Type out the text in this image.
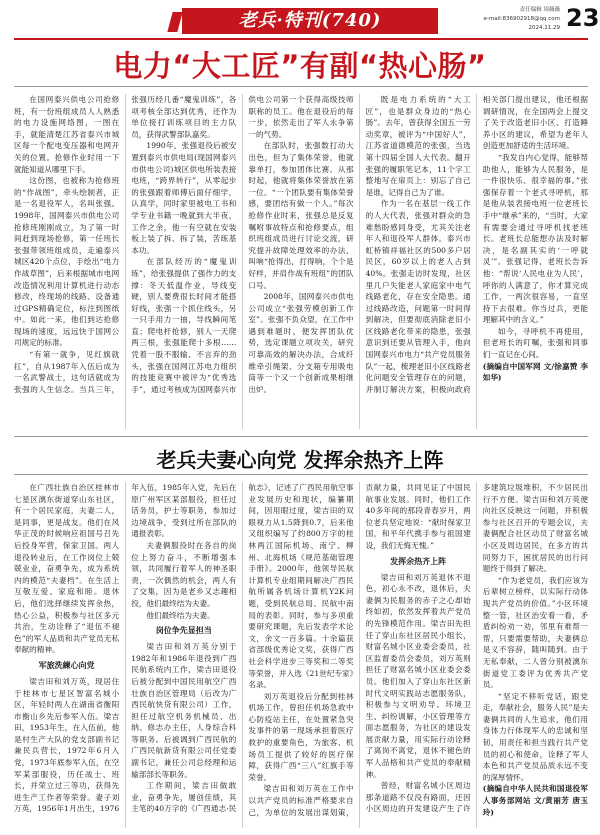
老兵·特刊(740)	责任编辑 周薇薇
e-mail:836902918@qq.com 2024.11.29 23
电力“大工匠”有副“热心肠”

在国网泰兴供电公司抢修班，有一份班组成员人人熟悉的电力设施网络图，一图在手，就能清楚江苏省泰兴市城区每一个配电变压器和电网开关的位置。抢修作业时用一下就能知道从哪里下手。

这份图，也被称为抢修班的“作战图”，牵头绘制者，正是一名退役军人，名叫张强。1998年，国网泰兴市供电公司抢修班刚刚成立，为了第一时间赶到现场抢修，第一任班长张强带领班组成员，走遍泰兴城区420个点位，手绘出“电力作战草图”，后来根据城市电网改造情况利用计算机进行动态修改，终现场的线路、设备通过GPS精确定位，标注到图纸中。如此一来，他们到达抢修现场的速度，远远快于国网公司规定的标准。

“有第一就争，见红旗就扛”，自从1987年入伍后成为一名武警战士，这句话就成为张强的人生信念。当兵三年，张强历经几番“魔鬼训练”，各项考核全部达到优秀，还作为单位接打训练项目的主力队员，获得武警部队嘉奖。

1990年，张强退役后被安置到泰兴市供电局(现国网泰兴市供电公司)城区供电所装表接电班，“跨界转行”，从零起步的张强跟着师傅后面仔细学，认真学，同时家里被电工书和学专业书籍一晚就到大半夜，工作之余，他一有空就在安装板上装了拆、拆了装，苦练基本功。

在部队经历的“魔鬼训练”，给张强提供了强作力的支撑：冬天低温作业，导线变硬，别人要费很长时间才能搭好线，张强一个抓住线头，另一只手用力一抽，导线瞬间笔直；爬电杆抢修，别人一天爬两三根，张强能爬十多根……凭着一股不服输、不言弃的劲头，张强在国网江苏电力组织的技能竞赛中被评为“优秀选手”，通过考核成为国网泰兴市供电公司第一个获得高级技师职称的员工。他在退役后的每一步，依然走出了军人永争第一的气势。

在部队时，张强数打动大出色，但为了集体荣誉，他就靠单打，参加团体比赛。从那时起，他就将集体荣誉放在第一位。“一个团队要有集体荣誉感，要团结有做一个人。”每次抢修作业时来，张强总是反复嘱咐事故特点和抢修要点，组织班组成员进行讨论交流，研究提升故障处理效率的办法，叫响“抢得出，打得响，个个是好样，并肩作战有班组”的团队口号。

2008年，国网泰兴市供电公司成立“张强劳模创新工作室”。张强不负众望，在工作中遇到难题时，便发挥团队优势，选定课题立项攻关，研究可靠高效的解决办法，合成纤维牵引绳架、分支箱专用吸电筒等一个又一个创新成果相继出炉。

既是电力系统的“大工匠”，也是群众身边的“热心肠”。去年，曾获得全国五一劳动奖章，被评为“中国好人”，江苏省道德模范的张强，当选第十四届全国人大代表。翻开张强的履职笔记本，11个字工整地写在扉页上：别忘了自己是谁，记得自己为了谁。

作为一名在基层一线工作的人大代表，张强对群众的急难愁盼感同身受，尤其关注老年人和退役军人群体。泰兴市虹桥镇祥福社区的500多户居民区，60岁以上的老人占到40%。张强走访时发现，社区里几户失能老人家庭家中电气线路老化，存在安全隐患。通过线路改造，问题第一时间得到解决，但要彻底消除老旧小区线路老化带来的隐患，张强意识到还要从管理入手，他向国网泰兴市电力“共产党员服务队”一起，梳理老旧小区线路老化问题安全管理存在的问题，并制订解决方案，积极向政府相关部门提出建议，他还根据调研情况，在全国两会上提交了关于改造老旧小区、打造睡养小区的建议，希望为老年人创造更加舒适的生活环境。

“我发自内心觉得，能够帮助他人，能够为人民服务，是一件很快乐、很幸福的事。”张强保存着一个老式寻呼机，那是他从装表接电班一位老班长手中“继承”来的，“当时，大家有需要会通过寻呼机找老班长。老班长总能想办法及时解决，是名副其实的‘一呼就灵’”。张强记得，老班长告诉他：“帮说‘人民电业为人民’，呼你的人满意了，你才算完成工作，一两次很容易，一直坚持下去很难。你当过兵，更能理解其中的含义。”

如今，寻呼机不再使用，但老班长的叮嘱，张强和同事们一直记在心间。

(摘编自中国军网 文/徐嘉赞 李如华)

老兵夫妻心向党 发挥余热齐上阵

在广西壮族自治区桂林市七星区漓东街道穿山东社区，有一个居民家庭，夫妻二人，是同事，更是战友。他们在风华正茂的时候响应祖国号召先后投身军营，保家卫国。两人退役转业后，在工作岗位上兢兢业业，奋勇争先，成为系统内的模范“夫妻档”。在生活上互敬互爱、家庭和睦。退休后，他们选择继续发挥余热，热心公益，积极参与社区多元共治，生动诠释了“退伍不褪色”的军人品质和共产党员无私奉献的精神。

军旅洗練心向党

梁吉田和刘万英，现居住于桂林市七星区智富名城小区，年轻时两人在湖南省衡阳市衡山乡先后参军入伍。梁吉田，1953年生，在入伍前，他是村生产大队的党支部副书记兼民兵营长，1972年6月入党，1973年底参军入伍，在空军某部服役，历任战士、班长，并荣立过三等功，获得先进生产工作者等荣誉。妻子刘万英，1956年1月出生，1976年入伍，1985年入党，先后在原广州军区某部服役，担任过话务员，护士等职务，参加过边境战争，受到过所在部队的通报表彰。

夫妻俩服役时在各自的岗位上努力奋斗，不断增强本领，共同履行着军人的神圣职责，一次偶然的机会，两人有了交集，因为是老乡又志趣相投，他们最终结为夫妻。

他们最终结为夫妻。

岗位争先显担当

梁吉田和刘万英分别于1982年和1986年退役到广西民航系统内工作，梁吉田退役后被分配到中国民用航空广西壮族自治区管理局（后改为广西民航快贷有限公司）工作，担任过航空机务机械员、出纳、修志办主任，人身综合科等职务。后被调到广西民航的广西民航新货有限公司任党委副书记，兼任公司总经理和运输部部长等职务。

工作期间，梁吉田做敢业，奋勇争先，屡创佳绩，其主笔的40万字的《广西通志·民航志》，记述了广西民用航空事业发展历史和现状，编纂期间，因用眼过度，梁吉田的双眼视力从1.5降到0.7，后来他又组织编写了约800万字的桂林两江国际机场、南宁、柳州、北海机场《规范基础管理手册》。2000年，他领导民航计算机专业组期间解决广西民航所属各机场计算机Y2K问题，受到民航总局、民航中南局的表彰。同时，参与多项重要研究课题，先后发表学术论文，余文一百多篇。十余篇获省部级优秀论文奖，获得广西社会科学进步三等奖和二等奖等荣誉，并入选《21世纪专家》名录。

刘万英退役后分配到桂林机场工作，曾担任机场急救中心防疫站主任，在处置紧急突发事件的第一现场承担着医疗救护的重要角色，为旅客、机场员工提供了较好的医疗保障，获得广西“三八”红旗手等荣誉。

梁吉田和刘万英在工作中以共产党员的标准严格要求自己，为单位的发展出谋划策，贡献力量，共同见证了中国民航事业发展。同时，他们工作40多年间的那段青春岁月，两位老兵坚定地说：“献时保家卫国，和平年代携手参与祖国建设，我们无悔无愧。”

发挥余热齐上阵

梁吉田和刘万英退休不退色，初心永不改，退休后，夫妻俩为民服务的赤子之心却始终如初，依然发挥着共产党员的先锋模范作用。梁吉田先担任了穿山东社区居民小组长，财富名城小区业委会委员，社区监督委员会委员，刘万英则担任了财富名城小区业委会委员。他们加入了穿山东社区新时代文明实践站志愿服务队，积极参与文明劝导、环境卫生、纠纷调解，小区管理等方面志愿服务，为社区的建设发展贡献力量，用实际行动诠释了离岗不离党，退休不褪色的军人品格和共产党员的奉献精神。

曾经，财富名城小区周边那条道路不仅没有路面，还因小区周边的开发建设产生了许多建筑垃圾堆积，不少居民出行不方便。梁吉田和刘万英便向社区反映这一问题，并积极参与社区召开的专题会议，夫妻俩配合社区动员了财富名城小区及周边居民，在多方的共同努力下，困扰居民的出行问题终于得到了解决。

“作为老党员，我们应该为后辈树立榜样，以实际行动体现共产党员的价值。”小区环境整一管，社区治安看一看，矛盾纠纷劝一劝，邻里有难帮一帮，只要需要帮助，夫妻俩总是义不容辞，随叫随到。由于无私奉献，二人曾分别被漓东街道党工委评为优秀共产党员。

“坚定不移听党话，跟党走，奉献社会，服务人民”是夫妻俩共同的人生追求，他们用身体力行体现军人的忠诚和坚韧，用责任和担当践行共产党员的初心和使命，诠释了军人本色和共产党员品质永远不变的深厚情怀。

(摘编自中华人民共和国退役军人事务部网站 文/黄丽芳 唐玉玲)
